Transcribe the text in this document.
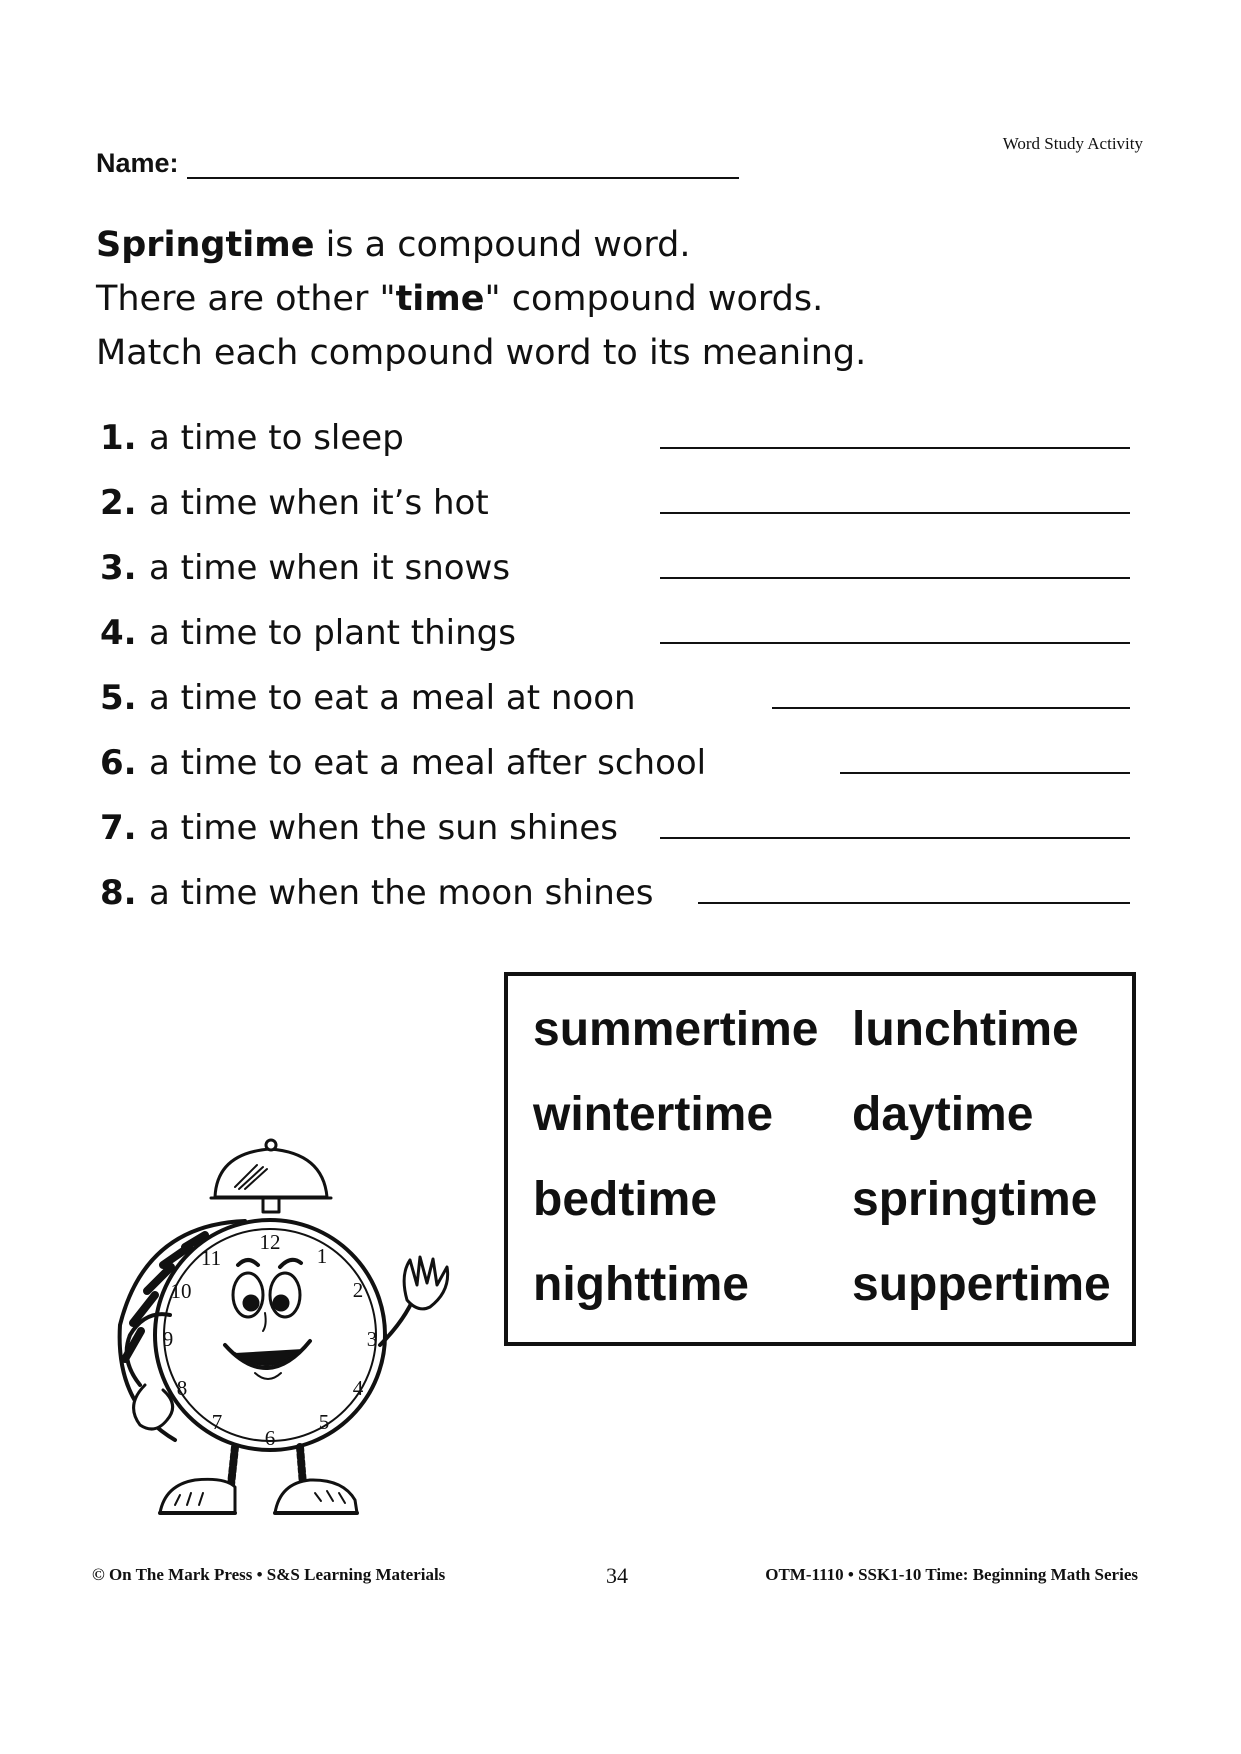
Word Study Activity
Name:

Springtime is a compound word.

There are other "time" compound words.

Match each compound word to its meaning.

1. a time to sleep
2. a time when it’s hot
3. a time when it snows
4. a time to plant things
5. a time to eat a meal at noon
6. a time to eat a meal after school
7. a time when the sun shines
8. a time when the moon shines
summertime lunchtime
wintertime daytime
bedtime	springtime
nighttime suppertime
12
1
2
3
4
5
6
7
8
9
10
11
© On The Mark Press • S&S Learning Materials	34	OTM-1110 • SSK1-10 Time: Beginning Math Series
